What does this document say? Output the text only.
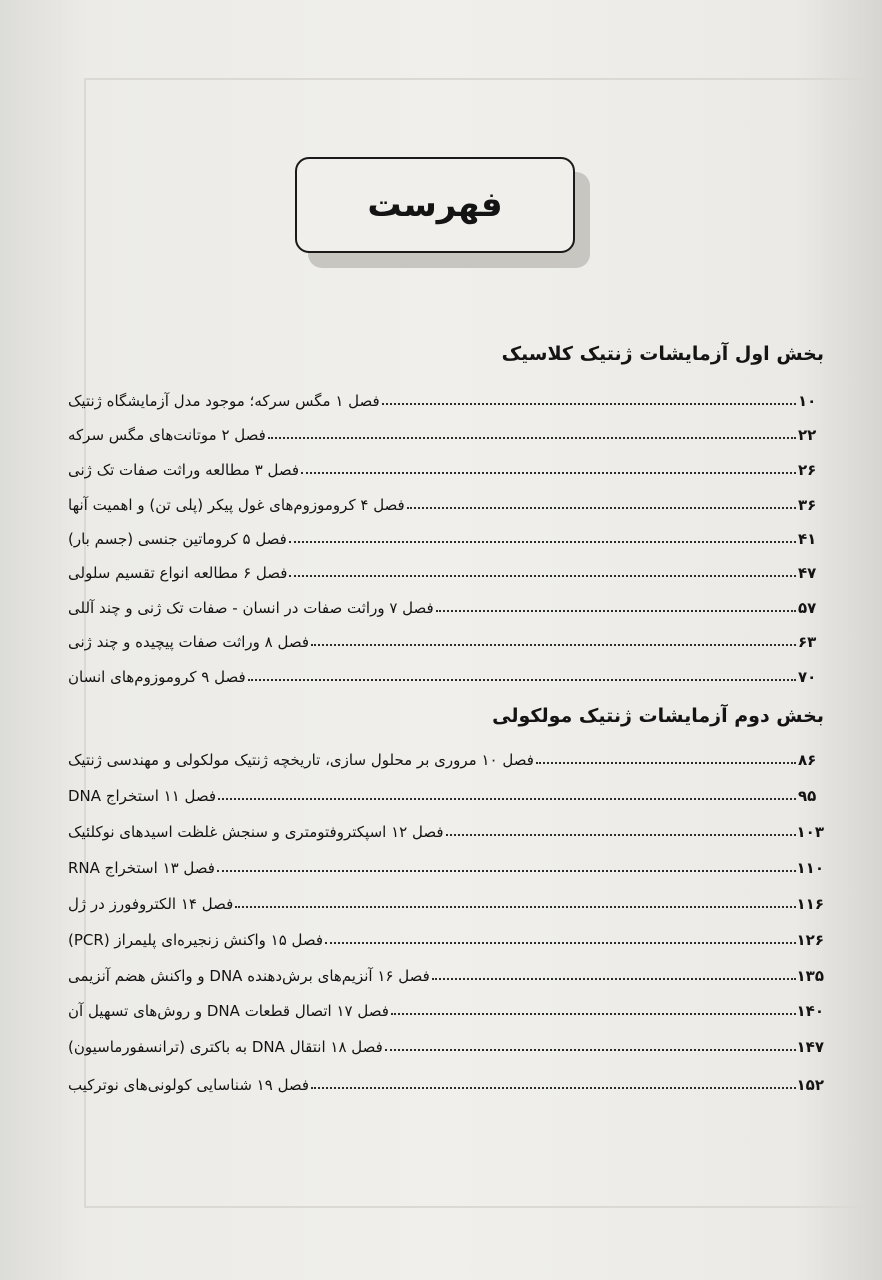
فهرست
بخش اول آزمایشات ژنتیک کلاسیک
فصل ۱ مگس سرکه؛ موجود مدل آزمایشگاه ژنتیک	۱۰
فصل ۲ موتانت‌های مگس سرکه	۲۲
فصل ۳ مطالعه وراثت صفات تک ژنی	۲۶
فصل ۴ کروموزوم‌های غول پیکر (پلی تن) و اهمیت آنها	۳۶
فصل ۵ کروماتین جنسی (جسم بار)	۴۱
فصل ۶ مطالعه انواع تقسیم سلولی	۴۷
فصل ۷ وراثت صفات در انسان - صفات تک ژنی و چند آللی	۵۷
فصل ۸ وراثت صفات پیچیده و چند ژنی	۶۳
فصل ۹ کروموزوم‌های انسان	۷۰
بخش دوم آزمایشات ژنتیک مولکولی
فصل ۱۰ مروری بر محلول سازی، تاریخچه ژنتیک مولکولی و مهندسی ژنتیک	۸۶
فصل ۱۱ استخراج DNA	۹۵
فصل ۱۲ اسپکتروفتومتری و سنجش غلظت اسیدهای نوکلئیک	۱۰۳
فصل ۱۳ استخراج RNA	۱۱۰
فصل ۱۴ الکتروفورز در ژل	۱۱۶
فصل ۱۵ واکنش زنجیره‌ای پلیمراز (PCR)	۱۲۶
فصل ۱۶ آنزیم‌های برش‌دهنده DNA و واکنش هضم آنزیمی	۱۳۵
فصل ۱۷ اتصال قطعات DNA و روش‌های تسهیل آن	۱۴۰
فصل ۱۸ انتقال DNA به باکتری (ترانسفورماسیون)	۱۴۷
فصل ۱۹ شناسایی کولونی‌های نوترکیب	۱۵۲
